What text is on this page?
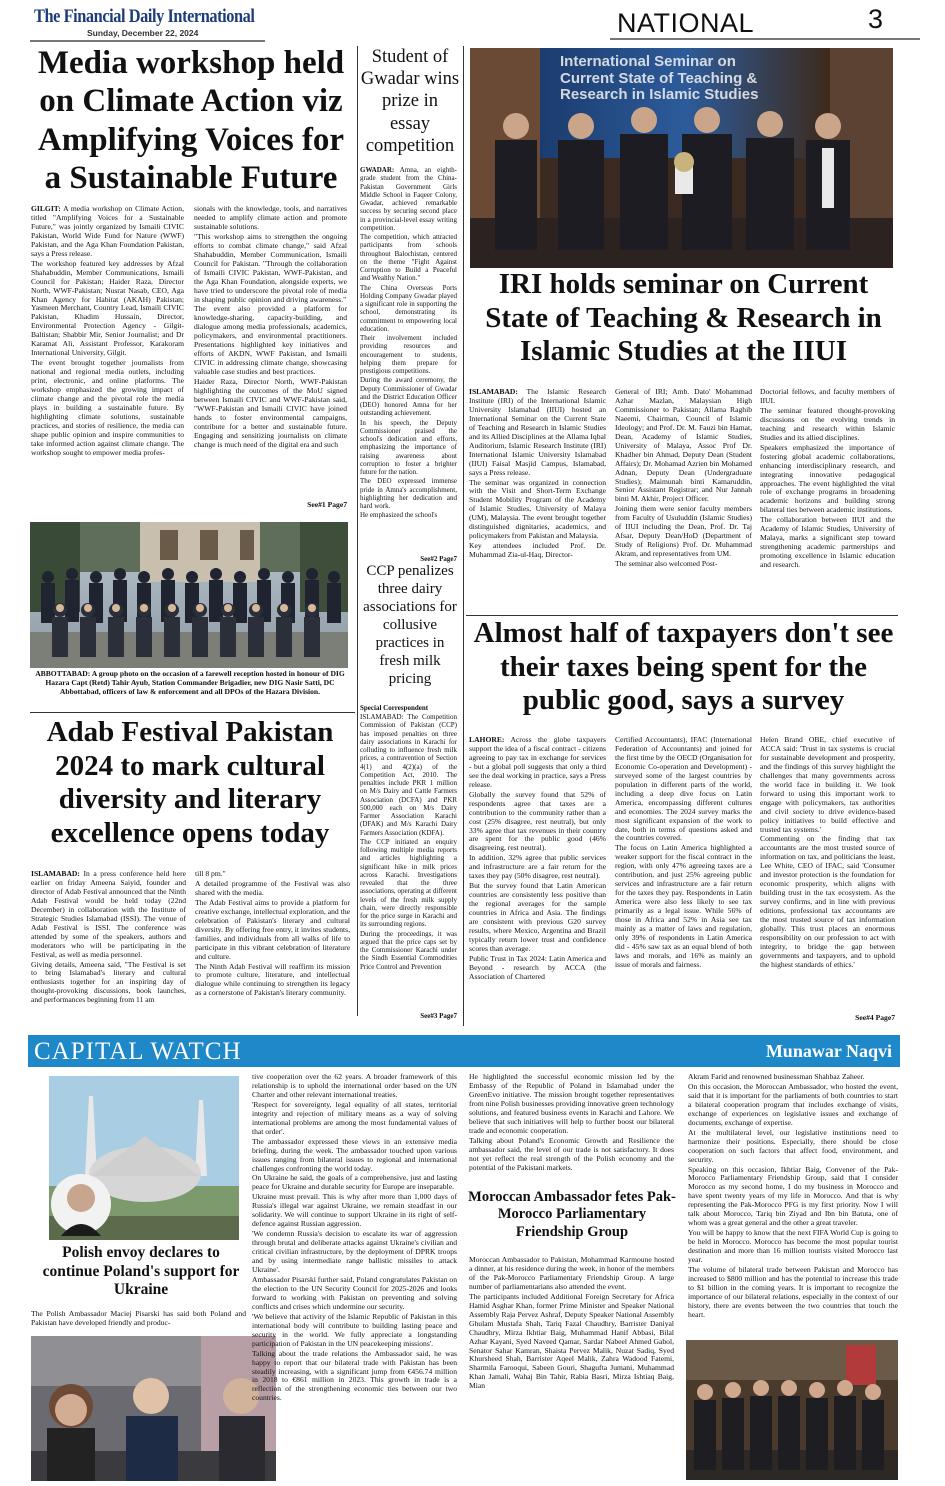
The Financial Daily International
Sunday, December 22, 2024	NATIONAL	3
Media workshop held on Climate Action viz Amplifying Voices for a Sustainable Future

GILGIT: A media workshop on Climate Action, titled "Amplifying Voices for a Sustainable Future," was jointly organized by Ismaili CIVIC Pakistan, World Wide Fund for Nature (WWF) Pakistan, and the Aga Khan Foundation Pakistan, says a Press release.

The workshop featured key addresses by Afzal Shahabuddin, Member Communications, Ismaili Council for Pakistan; Haider Raza, Director North, WWF-Pakistan; Nusrat Nasab, CEO, Aga Khan Agency for Habitat (AKAH) Pakistan; Yasmeen Merchant, Country Lead, Ismaili CIVIC Pakistan, Khadim Hussain, Director, Environmental Protection Agency - Gilgit-Baltistan; Shabbir Mir, Senior Journalist; and Dr Karamat Ali, Assistant Professor, Karakoram International University, Gilgit.

The event brought together journalists from national and regional media outlets, including print, electronic, and online platforms. The workshop emphasized the growing impact of climate change and the pivotal role the media plays in building a sustainable future. By highlighting climate solutions, sustainable practices, and stories of resilience, the media can shape public opinion and inspire communities to take informed action against climate change. The workshop sought to empower media profes-

sionals with the knowledge, tools, and narratives needed to amplify climate action and promote sustainable solutions.

"This workshop aims to strengthen the ongoing efforts to combat climate change," said Afzal Shahabuddin, Member Communication, Ismaili Council for Pakistan. "Through the collaboration of Ismaili CIVIC Pakistan, WWF-Pakistan, and the Aga Khan Foundation, alongside experts, we have tried to underscore the pivotal role of media in shaping public opinion and driving awareness."

The event also provided a platform for knowledge-sharing, capacity-building, and dialogue among media professionals, academics, policymakers, and environmental practitioners. Presentations highlighted key initiatives and efforts of AKDN, WWF Pakistan, and Ismaili CIVIC in addressing climate change, showcasing valuable case studies and best practices.

Haider Raza, Director North, WWF-Pakistan highlighting the outcomes of the MoU signed between Ismaili CIVIC and WWF-Pakistan said, "WWF-Pakistan and Ismaili CIVIC have joined hands to foster environmental campaigns, contribute for a better and sustainable future. Engaging and sensitizing journalists on climate change is much need of the digital era and such

See#1 Page7
Student of Gwadar wins prize in essay competition

GWADAR: Amna, an eighth-grade student from the China-Pakistan Government Girls Middle School in Faqeer Colony, Gwadar, achieved remarkable success by securing second place in a provincial-level essay writing competition.

The competition, which attracted participants from schools throughout Balochistan, centered on the theme "Fight Against Corruption to Build a Peaceful and Wealthy Nation."

The China Overseas Ports Holding Company Gwadar played a significant role in supporting the school, demonstrating its commitment to empowering local education.

Their involvement included providing resources and encouragement to students, helping them prepare for prestigious competitions.

During the award ceremony, the Deputy Commissioner of Gwadar and the District Education Officer (DEO) honored Amna for her outstanding achievement.

In his speech, the Deputy Commissioner praised the school's dedication and efforts, emphasizing the importance of raising awareness about corruption to foster a brighter future for the nation.

The DEO expressed immense pride in Amna's accomplishment, highlighting her dedication and hard work.

He emphasized the school's

See#2 Page7
CCP penalizes three dairy associations for collusive practices in fresh milk pricing
Special Correspondent

ISLAMABAD: The Competition Commission of Pakistan (CCP) has imposed penalties on three dairy associations in Karachi for colluding to influence fresh milk prices, a contravention of Section 4(1) and 4(2)(a) of the Competition Act, 2010. The penalties include PKR 1 million on M/s Dairy and Cattle Farmers Association (DCFA) and PKR 500,000 each on M/s Dairy Farmer Association Karachi (DFAK) and M/s Karachi Dairy Farmers Association (KDFA).

The CCP initiated an enquiry following multiple media reports and articles highlighting a significant hike in milk prices across Karachi. Investigations revealed that the three associations, operating at different levels of the fresh milk supply chain, were directly responsible for the price surge in Karachi and its surrounding regions.

During the proceedings, it was argued that the price caps set by the Commissioner Karachi under the Sindh Essential Commodities Price Control and Prevention

See#3 Page7
ABBOTTABAD: A group photo on the occasion of a farewell reception hosted in honour of DIG Hazara Capt (Retd) Tahir Ayub, Station Commander Brigadier, new DIG Nasir Satti, DC Abbottabad, officers of law & enforcement and all DPOs of the Hazara Division.
Adab Festival Pakistan 2024 to mark cultural diversity and literary excellence opens today

ISLAMABAD: In a press conference held here earlier on friday Ameena Saiyid, founder and director of Adab Festival announced that the Ninth Adab Festival would be held today (22nd December) in collaboration with the Institute of Strategic Studies Islamabad (ISSI). The venue of Adab Festival is ISSI. The conference was attended by some of the speakers, authors and moderators who will be participating in the Festival, as well as media personnel.

Giving details, Ameena said, "The Festival is set to bring Islamabad's literary and cultural enthusiasts together for an inspiring day of thought-provoking discussions, book launches, and performances beginning from 11 am

till 8 pm."

A detailed programme of the Festival was also shared with the media.

The Adab Festival aims to provide a platform for creative exchange, intellectual exploration, and the celebration of Pakistan's literary and cultural diversity. By offering free entry, it invites students, families, and individuals from all walks of life to participate in this vibrant celebration of literature and culture.

The Ninth Adab Festival will reaffirm its mission to promote culture, literature, and intellectual dialogue while continuing to strengthen its legacy as a cornerstone of Pakistan's literary community.

International Seminar on Current State of Teaching & Research in Islamic Studies
IRI holds seminar on Current State of Teaching & Research in Islamic Studies at the IIUI

ISLAMABAD: The Islamic Research Institute (IRI) of the International Islamic University Islamabad (IIUI) hosted an International Seminar on the Current State of Teaching and Research in Islamic Studies and its Allied Disciplines at the Allama Iqbal Auditorium, Islamic Research Institute (IRI) International Islamic University Islamabad (IIUI) Faisal Masjid Campus, Islamabad, says a Press release.

The seminar was organized in connection with the Visit and Short-Term Exchange Student Mobility Program of the Academy of Islamic Studies, University of Malaya (UM), Malaysia. The event brought together distinguished dignitaries, academics, and policymakers from Pakistan and Malaysia.

Key attendees included Prof. Dr. Muhammad Zia-ul-Haq, Director-

General of IRI; Amb. Dato' Mohammad Azhar Mazlan, Malaysian High Commissioner to Pakistan; Allama Raghib Naeemi, Chairman, Council of Islamic Ideology; and Prof. Dr. M. Fauzi bin Hamat, Dean, Academy of Islamic Studies, University of Malaya, Assoc Prof Dr. Khadher bin Ahmad, Deputy Dean (Student Affairs); Dr. Mohamad Azrien bin Mohamed Adnan, Deputy Dean (Undergraduate Studies); Maimunah binti Kamaruddin, Senior Assistant Registrar; and Nur Jannah binti M. Akhir, Project Officer.

Joining them were senior faculty members from Faculty of Usuluddin (Islamic Studies) of IIUI including the Dean, Prof. Dr. Taj Afsar, Deputy Dean/HoD (Department of Study of Religions) Prof. Dr. Muhammad Akram, and representatives from UM.

The seminar also welcomed Post-

Doctorial fellows, and faculty members of IIUI.

The seminar featured thought-provoking discussions on the evolving trends in teaching and research within Islamic Studies and its allied disciplines.

Speakers emphasized the importance of fostering global academic collaborations, enhancing interdisciplinary research, and integrating innovative pedagogical approaches. The event highlighted the vital role of exchange programs in broadening academic horizons and building strong bilateral ties between academic institutions.

The collaboration between IIUI and the Academy of Islamic Studies, University of Malaya, marks a significant step toward strengthening academic partnerships and promoting excellence in Islamic education and research.

Almost half of taxpayers don't see their taxes being spent for the public good, says a survey

LAHORE: Across the globe taxpayers support the idea of a fiscal contract - citizens agreeing to pay tax in exchange for services - but a global poll suggests that only a third see the deal working in practice, says a Press release.

Globally the survey found that 52% of respondents agree that taxes are a contribution to the community rather than a cost (25% disagree, rest neutral), but only 33% agree that tax revenues in their country are spent for the public good (46% disagreeing, rest neutral).

In addition, 32% agree that public services and infrastructure are a fair return for the taxes they pay (50% disagree, rest neutral).

But the survey found that Latin American countries are consistently less positive than the regional averages for the sample countries in Africa and Asia. The findings are consistent with previous G20 survey results, where Mexico, Argentina and Brazil typically return lower trust and confidence scores than average.

Public Trust in Tax 2024: Latin America and Beyond - research by ACCA (the Association of Chartered

Certified Accountants), IFAC (International Federation of Accountants) and joined for the first time by the OECD (Organisation for Economic Co-operation and Development) - surveyed some of the largest countries by population in different parts of the world, including a deep dive focus on Latin America, encompassing different cultures and economies. The 2024 survey marks the most significant expansion of the work to date, both in terms of questions asked and the countries covered.

The focus on Latin America highlighted a weaker support for the fiscal contract in the region, with only 47% agreeing taxes are a contribution, and just 25% agreeing public services and infrastructure are a fair return for the taxes they pay. Respondents in Latin America were also less likely to see tax primarily as a legal issue. While 56% of those in Africa and 52% in Asia see tax mainly as a matter of laws and regulation, only 39% of respondents in Latin America did - 45% saw tax as an equal blend of both laws and morals, and 16% as mainly an issue of morals and fairness.

Helen Brand OBE, chief executive of ACCA said: 'Trust in tax systems is crucial for sustainable development and prosperity, and the findings of this survey highlight the challenges that many governments across the world face in building it. We look forward to using this important work to engage with policymakers, tax authorities and civil society to drive evidence-based policy initiatives to build effective and trusted tax systems.'

Commenting on the finding that tax accountants are the most trusted source of information on tax, and politicians the least, Lee White, CEO of IFAC, said 'Consumer and investor protection is the foundation for economic prosperity, which aligns with building trust in the tax ecosystem. As the survey confirms, and in line with previous editions, professional tax accountants are the most trusted source of tax information globally. This trust places an enormous responsibility on our profession to act with integrity, to bridge the gap between governments and taxpayers, and to uphold the highest standards of ethics.'

See#4 Page7
CAPITAL WATCH	Munawar Naqvi
Polish envoy declares to continue Poland's support for Ukraine

The Polish Ambassador Maciej Pisarski has said both Poland and Pakistan have developed friendly and produc-

tive cooperation over the 62 years. A broader framework of this relationship is to uphold the international order based on the UN Charter and other relevant international treaties.

'Respect for sovereignty, legal equality of all states, territorial integrity and rejection of military means as a way of solving international problems are among the most fundamental values of that order'.

The ambassador expressed these views in an extensive media briefing, during the week. The ambassador touched upon various issues ranging from bilateral issues to regional and international challenges confronting the world today.

On Ukraine he said, the goals of a comprehensive, just and lasting peace for Ukraine and durable security for Europe are inseparable.

Ukraine must prevail. This is why after more than 1,000 days of Russia's illegal war against Ukraine, we remain steadfast in our solidarity. We will continue to support Ukraine in its right of self-defence against Russian aggression.

'We condemn Russia's decision to escalate its war of aggression through brutal and deliberate attacks against Ukraine's civilian and critical civilian infrastructure, by the deployment of DPRK troops and by using intermediate range ballistic missiles to attack Ukraine'.

Ambassador Pisarski further said, Poland congratulates Pakistan on the election to the UN Security Council for 2025-2026 and looks forward to working with Pakistan on preventing and solving conflicts and crises which undermine our security.

'We believe that activity of the Islamic Republic of Pakistan in this international body will contribute to building lasting peace and security in the world. We fully appreciate a longstanding participation of Pakistan in the UN peacekeeping missions'.

Talking about the trade relations the Ambassador said, he was happy to report that our bilateral trade with Pakistan has been steadily increasing, with a significant jump from €456.74 million in 2018 to €861 million in 2023. This growth in trade is a reflection of the strengthening economic ties between our two countries.

He highlighted the successful economic mission led by the Embassy of the Republic of Poland in Islamabad under the GreenEvo initiative. The mission brought together representatives from nine Polish businesses providing innovative green technology solutions, and featured business events in Karachi and Lahore. We believe that such initiatives will help to further boost our bilateral trade and economic cooperation.

Talking about Poland's Economic Growth and Resilience the ambassador said, the level of our trade is not satisfactory. It does not yet reflect the real strength of the Polish economy and the potential of the Pakistani markets.

Moroccan Ambassador fetes Pak-Morocco Parliamentary Friendship Group

Moroccan Ambassador to Pakistan, Mohammad Karmoune hosted a dinner, at his residence during the week, in honor of the members of the Pak-Morocco Parliamentary Friendship Group. A large number of parliamentarians also attended the event.

The participants included Additional Foreign Secretary for Africa Hamid Asghar Khan, former Prime Minister and Speaker National Assembly Raja Pervez Ashraf, Deputy Speaker National Assembly Ghulam Mustafa Shah, Tariq Fazal Chaudhry, Barrister Daniyal Chaudhry, Mirza Ikhtiar Baig, Muhammad Hanif Abbasi, Bilal Azhar Kayani, Syed Naveed Qamar, Sardar Nabeel Ahmed Gabol, Senator Sahar Kamran, Shaista Pervez Malik, Nuzat Sadiq, Syed Khursheed Shah, Barrister Aqeel Malik, Zahra Wadood Fatemi, Sharmila Farooqui, Sabeen Gouri, Shagufta Jumani, Muhammad Khan Jamali, Wahaj Bin Tahir, Rabia Basri, Mirza Ishtiaq Baig, Mian

Akram Farid and renowned businessman Shahbaz Zaheer.

On this occasion, the Moroccan Ambassador, who hosted the event, said that it is important for the parliaments of both countries to start a bilateral cooperation program that includes exchange of visits, exchange of experiences on legislative issues and exchange of documents, exchange of expertise.

At the multilateral level, our legislative institutions need to harmonize their positions. Especially, there should be close cooperation on such factors that affect food, environment, and security.

Speaking on this occasion, Ikhtiar Baig, Convener of the Pak-Morocco Parliamentary Friendship Group, said that I consider Morocco as my second home, I do my business in Morocco and have spent twenty years of my life in Morocco. And that is why representing the Pak-Morocco PFG is my first priority. Now I will talk about Morocco, Tariq bin Ziyad and Ibn bin Batuta, one of whom was a great general and the other a great traveler.

You will be happy to know that the next FIFA World Cup is going to be held in Morocco. Morocco has become the most popular tourist destination and more than 16 million tourists visited Morocco last year.

The volume of bilateral trade between Pakistan and Morocco has increased to $800 million and has the potential to increase this trade to $1 billion in the coming years. It is important to recognize the importance of our bilateral relations, especially in the context of our history, there are events between the two countries that touch the heart.
